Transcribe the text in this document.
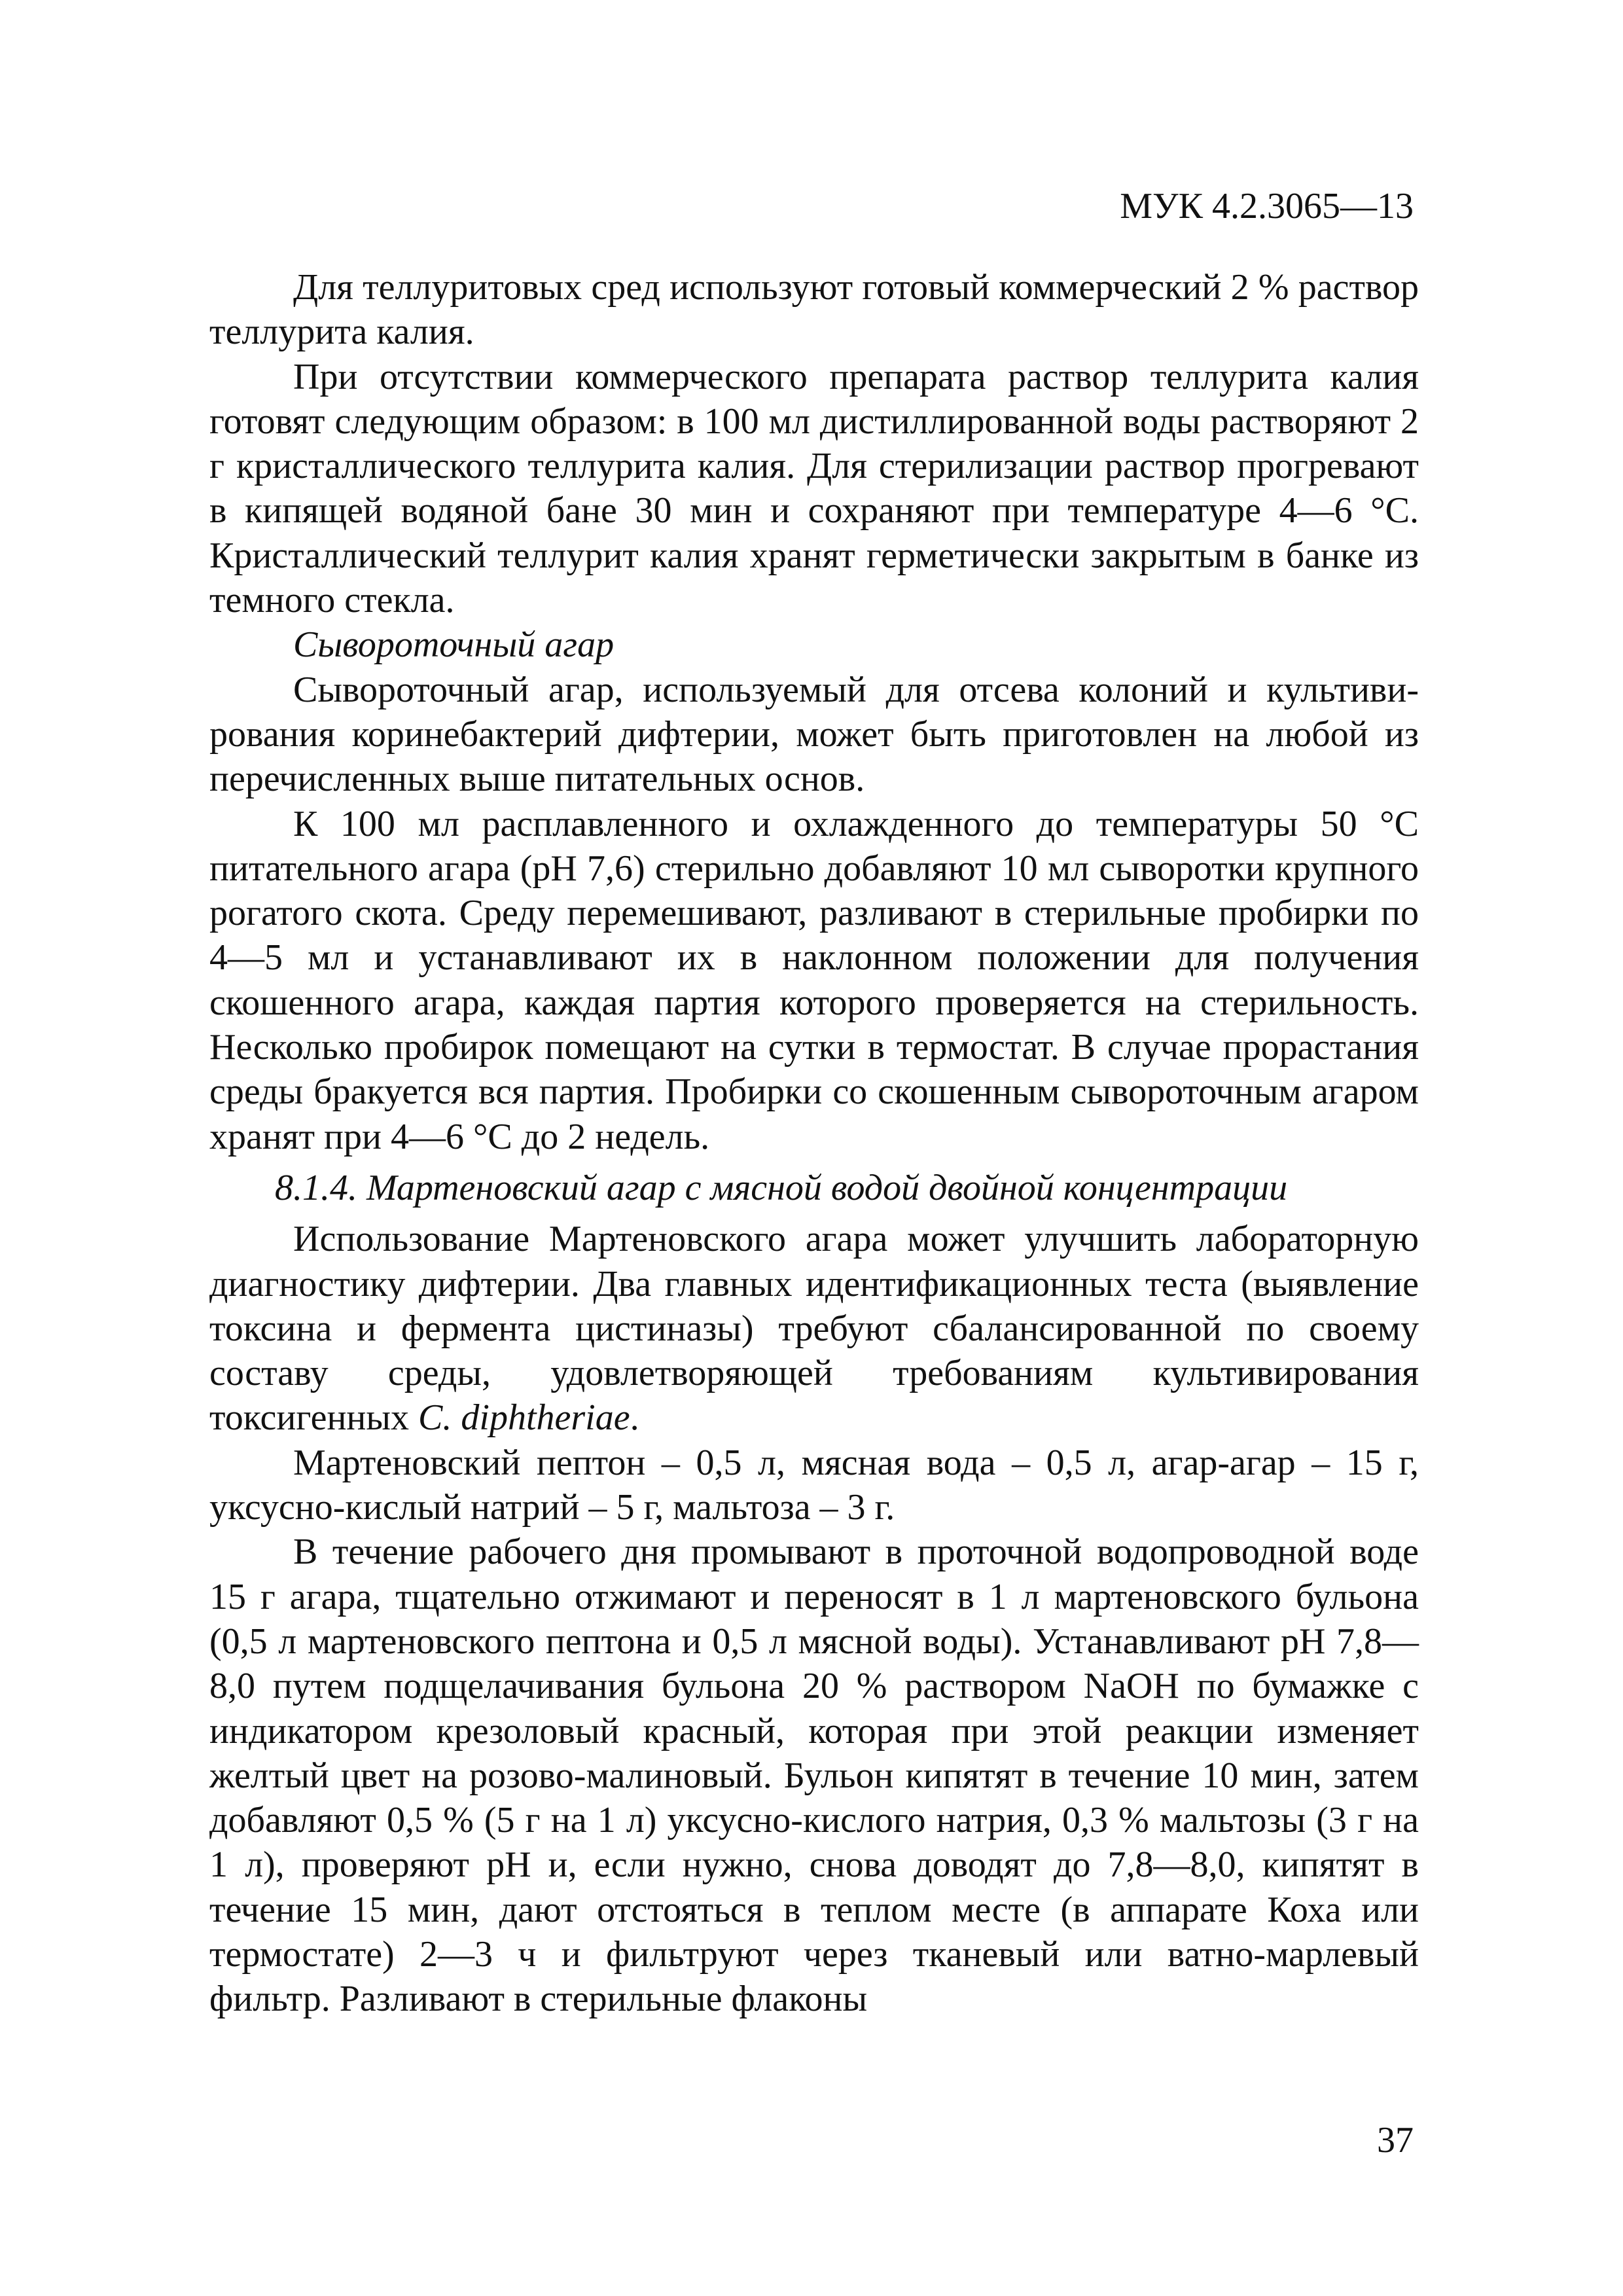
МУК 4.2.3065—13

Для теллуритовых сред используют готовый коммерческий 2 % раствор теллурита калия.

При отсутствии коммерческого препарата раствор теллурита калия готовят следующим образом: в 100 мл дистиллированной воды растворяют 2 г кристаллического теллурита калия. Для стерилизации раствор прогревают в кипящей водяной бане 30 мин и сохраняют при температуре 4—6 °С. Кристаллический теллурит калия хранят герметически закрытым в банке из темного стекла.

Сывороточный агар

Сывороточный агар, используемый для отсева колоний и культивирования коринебактерий дифтерии, может быть приготовлен на любой из перечисленных выше питательных основ.

К 100 мл расплавленного и охлажденного до температуры 50 °С питательного агара (рН 7,6) стерильно добавляют 10 мл сыворотки крупного рогатого скота. Среду перемешивают, разливают в стерильные пробирки по 4—5 мл и устанавливают их в наклонном положении для получения скошенного агара, каждая партия которого проверяется на стерильность. Несколько пробирок помещают на сутки в термостат. В случае прорастания среды бракуется вся партия. Пробирки со скошенным сывороточным агаром хранят при 4—6 °С до 2 недель.

8.1.4. Мартеновский агар с мясной водой двойной концентрации

Использование Мартеновского агара может улучшить лабораторную диагностику дифтерии. Два главных идентификационных теста (выявление токсина и фермента цистиназы) требуют сбалансированной по своему составу среды, удовлетворяющей требованиям культивирования токсигенных C. diphtheriae.

Мартеновский пептон – 0,5 л, мясная вода – 0,5 л, агар-агар – 15 г, уксусно-кислый натрий – 5 г, мальтоза – 3 г.

В течение рабочего дня промывают в проточной водопроводной воде 15 г агара, тщательно отжимают и переносят в 1 л мартеновского бульона (0,5 л мартеновского пептона и 0,5 л мясной воды). Устанавливают рН 7,8—8,0 путем подщелачивания бульона 20 % раствором NaOH по бумажке с индикатором крезоловый красный, которая при этой реакции изменяет желтый цвет на розово-малиновый. Бульон кипятят в течение 10 мин, затем добавляют 0,5 % (5 г на 1 л) уксусно-кислого натрия, 0,3 % мальтозы (3 г на 1 л), проверяют рН и, если нужно, снова доводят до 7,8—8,0, кипятят в течение 15 мин, дают отстояться в теплом месте (в аппарате Коха или термостате) 2—3 ч и фильтруют через тканевый или ватно-марлевый фильтр. Разливают в стерильные флаконы

37
